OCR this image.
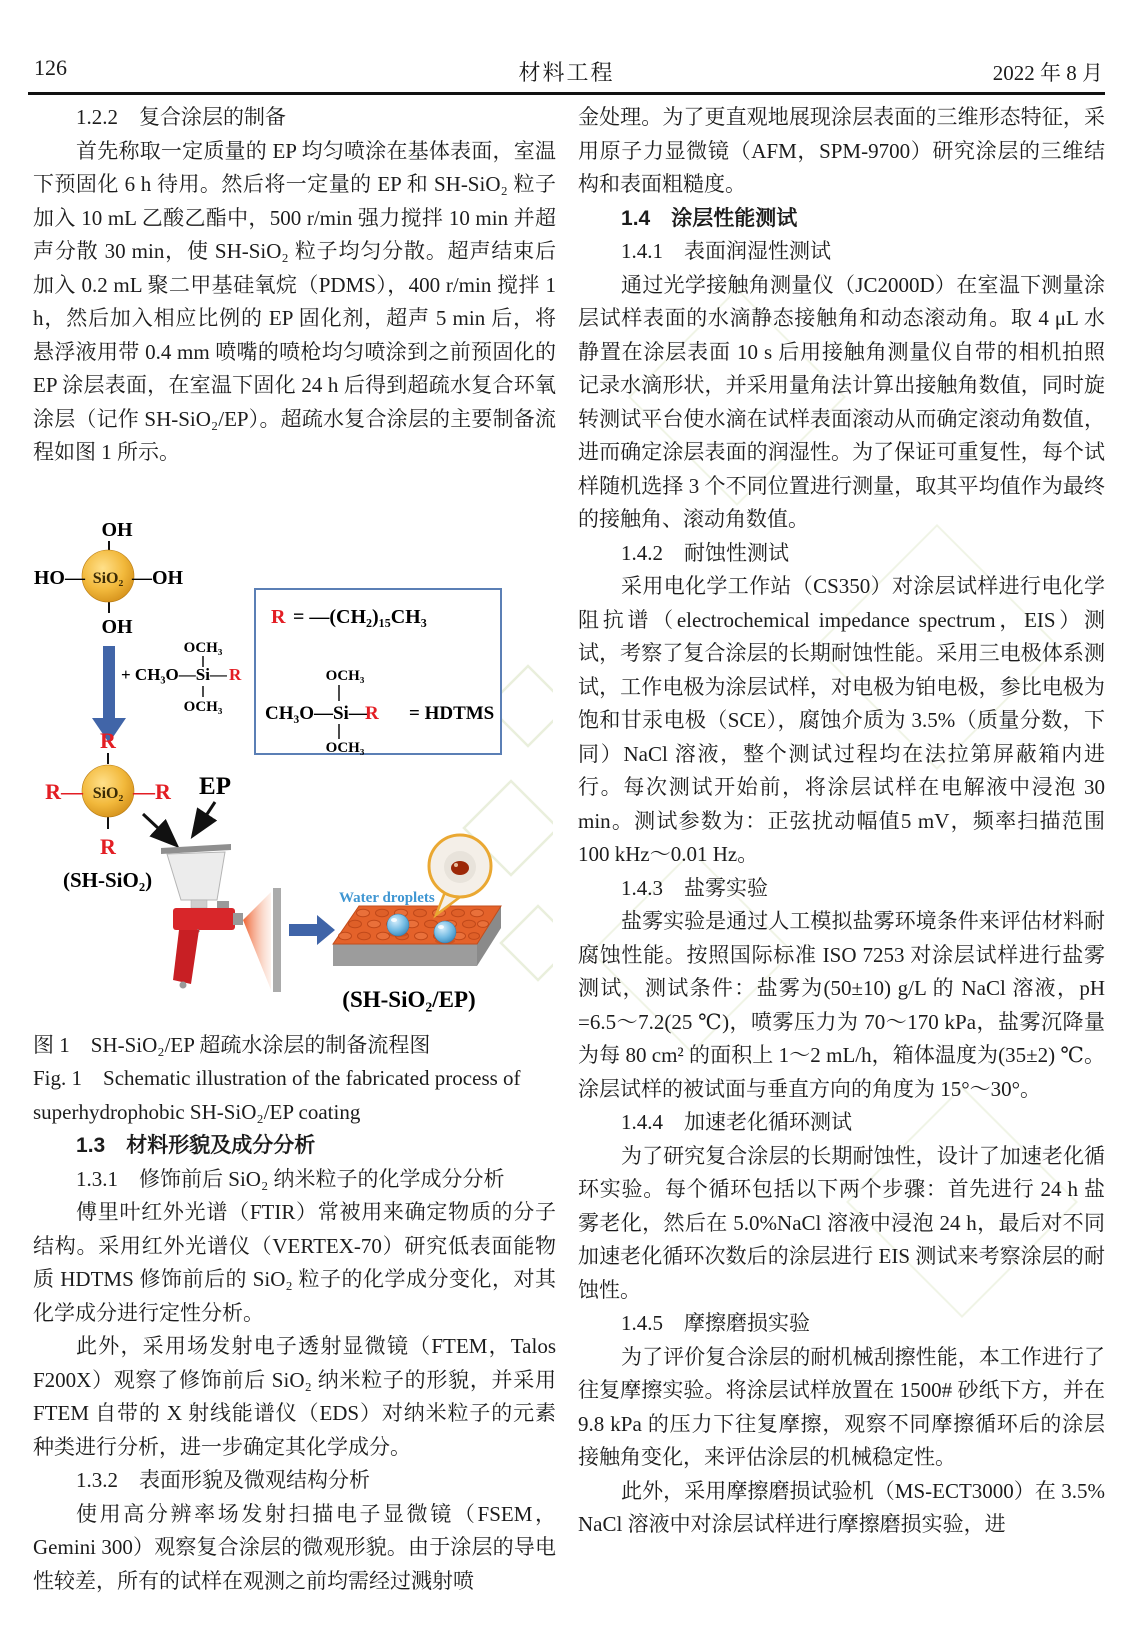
126	材料工程	2022 年 8 月

1.2.2　复合涂层的制备

首先称取一定质量的 EP 均匀喷涂在基体表面，室温下预固化 6 h 待用。然后将一定量的 EP 和 SH-SiO₂ 粒子加入 10 mL 乙酸乙酯中，500 r/min 强力搅拌 10 min 并超声分散 30 min，使 SH-SiO₂ 粒子均匀分散。超声结束后加入 0.2 mL 聚二甲基硅氧烷（PDMS），400 r/min 搅拌 1 h，然后加入相应比例的 EP 固化剂，超声 5 min 后，将悬浮液用带 0.4 mm 喷嘴的喷枪均匀喷涂到之前预固化的 EP 涂层表面，在室温下固化 24 h 后得到超疏水复合环氧涂层（记作 SH-SiO₂/EP）。超疏水复合涂层的主要制备流程如图 1 所示。

SiO₂
OH
HO— —OH
OH
+ CH₃O—Si— R
OCH₃
OCH₃
R = —(CH₂)₁₅CH₃
OCH₃
CH₃O—Si—
R = HDTMS
OCH₃
SiO₂
R
R— —R
R
(SH-SiO₂)
EP
Water droplets
(SH-SiO₂/EP)

图 1　SH-SiO₂/EP 超疏水涂层的制备流程图

Fig. 1　Schematic illustration of the fabricated process of
superhydrophobic SH-SiO₂/EP coating

1.3　材料形貌及成分分析

1.3.1　修饰前后 SiO₂ 纳米粒子的化学成分分析

傅里叶红外光谱（FTIR）常被用来确定物质的分子结构。采用红外光谱仪（VERTEX-70）研究低表面能物质 HDTMS 修饰前后的 SiO₂ 粒子的化学成分变化，对其化学成分进行定性分析。

此外，采用场发射电子透射显微镜（FTEM，Talos F200X）观察了修饰前后 SiO₂ 纳米粒子的形貌，并采用 FTEM 自带的 X 射线能谱仪（EDS）对纳米粒子的元素种类进行分析，进一步确定其化学成分。

1.3.2　表面形貌及微观结构分析

使用高分辨率场发射扫描电子显微镜（FSEM，Gemini 300）观察复合涂层的微观形貌。由于涂层的导电性较差，所有的试样在观测之前均需经过溅射喷

金处理。为了更直观地展现涂层表面的三维形态特征，采用原子力显微镜（AFM，SPM-9700）研究涂层的三维结构和表面粗糙度。

1.4　涂层性能测试

1.4.1　表面润湿性测试

通过光学接触角测量仪（JC2000D）在室温下测量涂层试样表面的水滴静态接触角和动态滚动角。取 4 μL 水静置在涂层表面 10 s 后用接触角测量仪自带的相机拍照记录水滴形状，并采用量角法计算出接触角数值，同时旋转测试平台使水滴在试样表面滚动从而确定滚动角数值，进而确定涂层表面的润湿性。为了保证可重复性，每个试样随机选择 3 个不同位置进行测量，取其平均值作为最终的接触角、滚动角数值。

1.4.2　耐蚀性测试

采用电化学工作站（CS350）对涂层试样进行电化学阻抗谱（electrochemical impedance spectrum，EIS）测试，考察了复合涂层的长期耐蚀性能。采用三电极体系测试，工作电极为涂层试样，对电极为铂电极，参比电极为饱和甘汞电极（SCE），腐蚀介质为 3.5%（质量分数，下同）NaCl 溶液，整个测试过程均在法拉第屏蔽箱内进行。每次测试开始前，将涂层试样在电解液中浸泡 30 min。测试参数为：正弦扰动幅值5 mV，频率扫描范围 100 kHz～0.01 Hz。

1.4.3　盐雾实验

盐雾实验是通过人工模拟盐雾环境条件来评估材料耐腐蚀性能。按照国际标准 ISO 7253 对涂层试样进行盐雾测试，测试条件：盐雾为(50±10) g/L 的 NaCl 溶液，pH =6.5～7.2(25 ℃)，喷雾压力为 70～170 kPa，盐雾沉降量为每 80 cm² 的面积上 1～2 mL/h，箱体温度为(35±2) ℃。涂层试样的被试面与垂直方向的角度为 15°～30°。

1.4.4　加速老化循环测试

为了研究复合涂层的长期耐蚀性，设计了加速老化循环实验。每个循环包括以下两个步骤：首先进行 24 h 盐雾老化，然后在 5.0%NaCl 溶液中浸泡 24 h，最后对不同加速老化循环次数后的涂层进行 EIS 测试来考察涂层的耐蚀性。

1.4.5　摩擦磨损实验

为了评价复合涂层的耐机械刮擦性能，本工作进行了往复摩擦实验。将涂层试样放置在 1500# 砂纸下方，并在 9.8 kPa 的压力下往复摩擦，观察不同摩擦循环后的涂层接触角变化，来评估涂层的机械稳定性。

此外，采用摩擦磨损试验机（MS-ECT3000）在 3.5% NaCl 溶液中对涂层试样进行摩擦磨损实验，进
